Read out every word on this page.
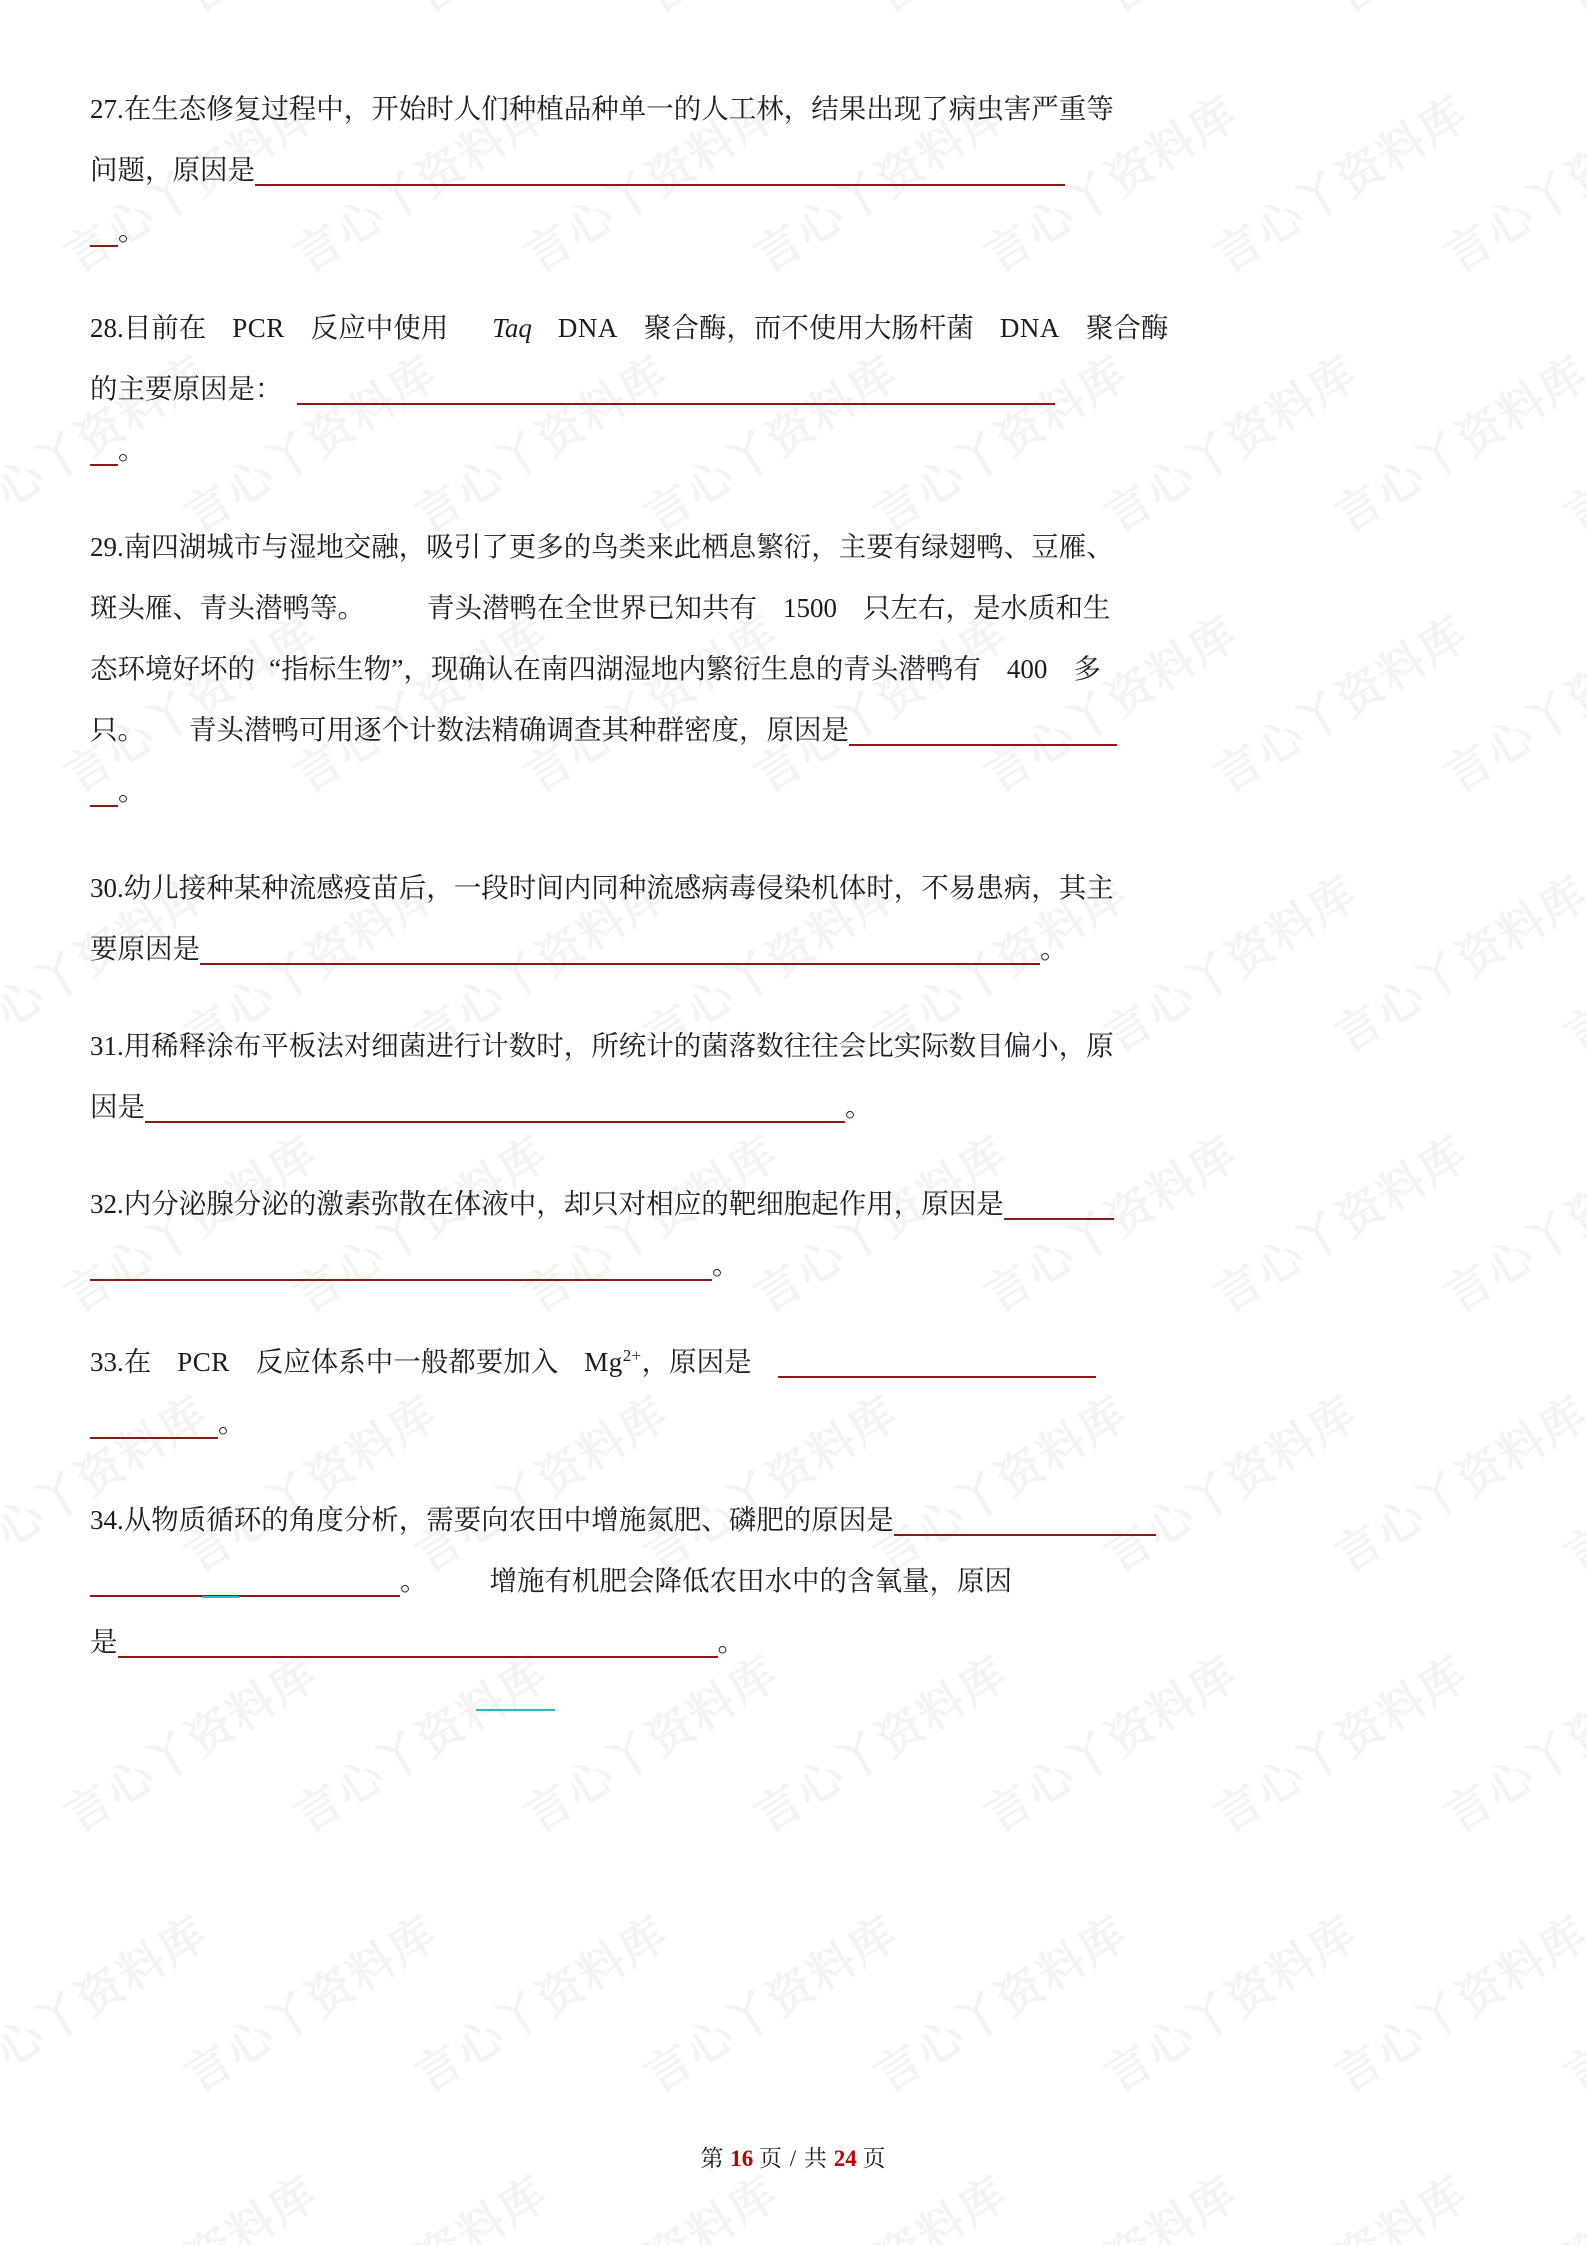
27.在生态修复过程中，开始时人们种植品种单一的人工林，结果出现了病虫害严重等
问题，原因是
。
28.目前在 PCR 反应中使用 Taq DNA 聚合酶，而不使用大肠杆菌 DNA 聚合酶
的主要原因是：
。
29.南四湖城市与湿地交融，吸引了更多的鸟类来此栖息繁衍，主要有绿翅鸭、豆雁、
斑头雁、青头潜鸭等。 青头潜鸭在全世界已知共有 1500 只左右，是水质和生
态环境好坏的 “指标生物”，现确认在南四湖湿地内繁衍生息的青头潜鸭有 400 多
只。 青头潜鸭可用逐个计数法精确调查其种群密度，原因是
。
30.幼儿接种某种流感疫苗后，一段时间内同种流感病毒侵染机体时，不易患病，其主
要原因是	。
31.用稀释涂布平板法对细菌进行计数时，所统计的菌落数往往会比实际数目偏小，原
因是	。
32.内分泌腺分泌的激素弥散在体液中，却只对相应的靶细胞起作用，原因是
。
33.在 PCR 反应体系中一般都要加入 $Mg^{2+}$，原因是
。
34.从物质循环的角度分析，需要向农田中增施氮肥、磷肥的原因是
。 增施有机肥会降低农田水中的含氧量，原因
是	。
第 16 页 / 共 24 页
